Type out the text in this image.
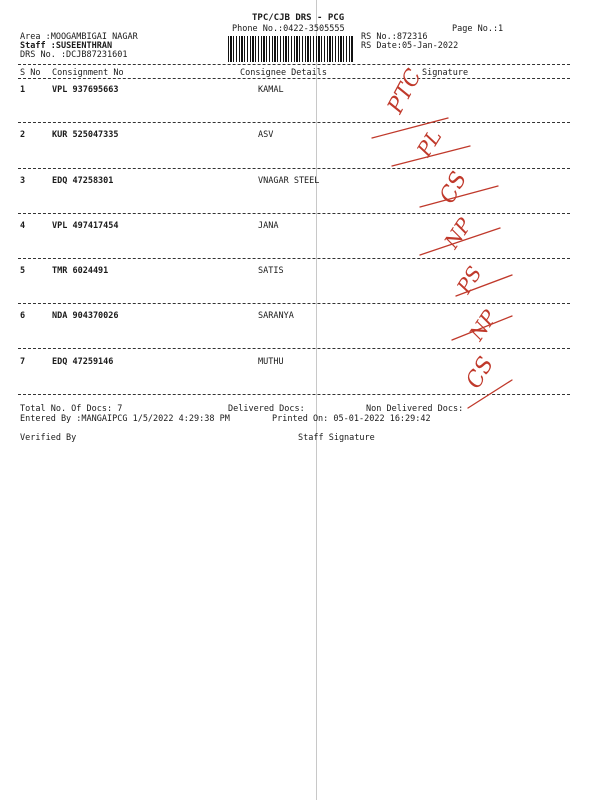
TPC/CJB DRS - PCG
Phone No.:0422-3505555	Page No.:1
Area :MOOGAMBIGAI NAGAR
Staff :SUSEENTHRAN
DRS No. :DCJB87231601
RS No.:872316
RS Date:05-Jan-2022
S No Consignment No	Consignee Details	Signature
1	VPL 937695663	KAMAL
2	KUR 525047335	ASV
3	EDQ 47258301	VNAGAR STEEL
4	VPL 497417454	JANA
5	TMR 6024491	SATIS
6	NDA 904370026	SARANYA
7	EDQ 47259146	MUTHU
Total No. Of Docs: 7	Delivered Docs:	Non Delivered Docs:
Entered By :MANGAIPCG 1/5/2022 4:29:38 PM	Printed On: 05-01-2022 16:29:42
Verified By	Staff Signature
PTC
PL
CS
NP
PS
NP
CS
